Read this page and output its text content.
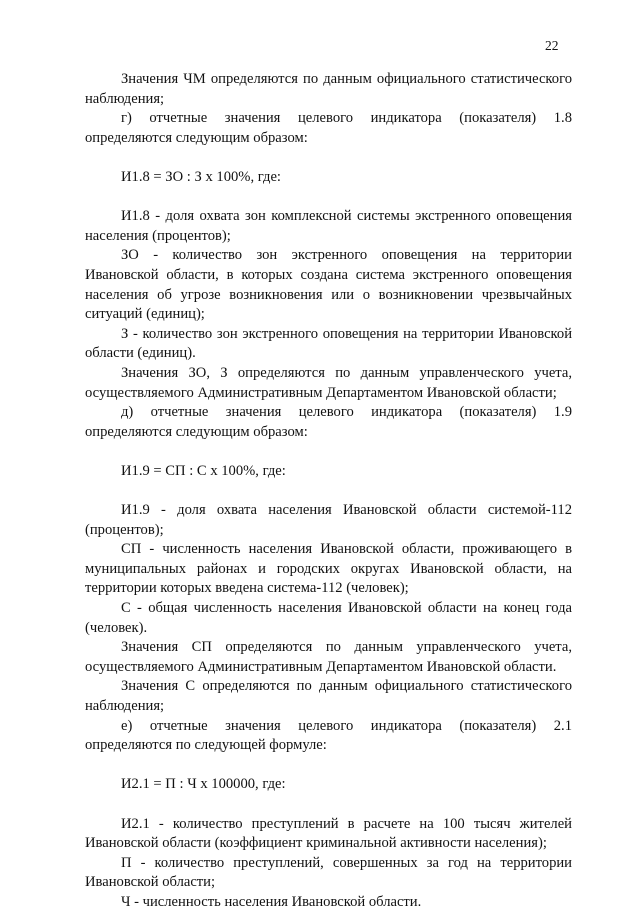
22

Значения ЧМ определяются по данным официального статистического наблюдения;

г) отчетные значения целевого индикатора (показателя) 1.8 определяются следующим образом:

И1.8 = ЗО : З x 100%, где:

И1.8 - доля охвата зон комплексной системы экстренного оповещения населения (процентов);

ЗО - количество зон экстренного оповещения на территории Ивановской области, в которых создана система экстренного оповещения населения об угрозе возникновения или о возникновении чрезвычайных ситуаций (единиц);

З - количество зон экстренного оповещения на территории Ивановской области (единиц).

Значения ЗО, З определяются по данным управленческого учета, осуществляемого Административным Департаментом Ивановской области;

д) отчетные значения целевого индикатора (показателя) 1.9 определяются следующим образом:

И1.9 = СП : С x 100%, где:

И1.9 - доля охвата населения Ивановской области системой-112 (процентов);

СП - численность населения Ивановской области, проживающего в муниципальных районах и городских округах Ивановской области, на территории которых введена система-112 (человек);

С - общая численность населения Ивановской области на конец года (человек).

Значения СП определяются по данным управленческого учета, осуществляемого Административным Департаментом Ивановской области.

Значения С определяются по данным официального статистического наблюдения;

е) отчетные значения целевого индикатора (показателя) 2.1 определяются по следующей формуле:

И2.1 = П : Ч x 100000, где:

И2.1 - количество преступлений в расчете на 100 тысяч жителей Ивановской области (коэффициент криминальной активности населения);

П - количество преступлений, совершенных за год на территории Ивановской области;

Ч - численность населения Ивановской области.
